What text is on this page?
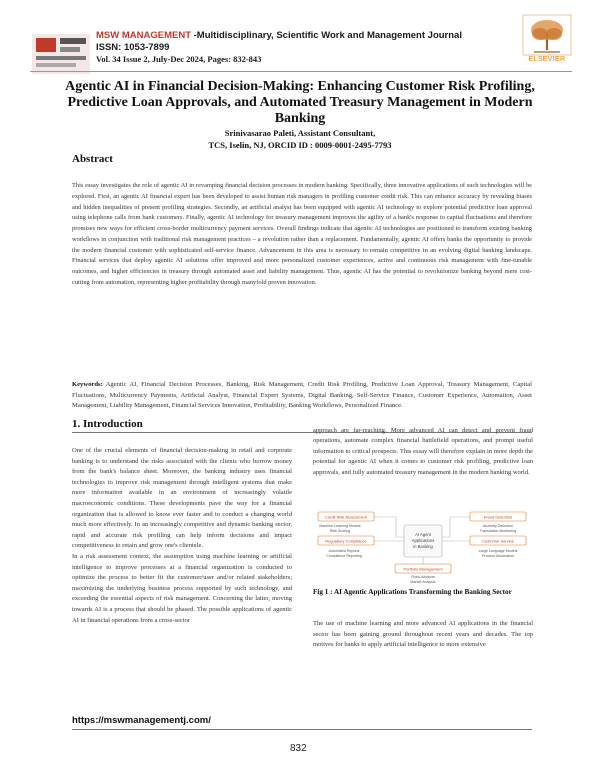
MSW MANAGEMENT -Multidisciplinary, Scientific Work and Management Journal
ISSN: 1053-7899
Vol. 34 Issue 2, July-Dec 2024, Pages: 832-843	ELSEVIER
Agentic AI in Financial Decision-Making: Enhancing Customer Risk Profiling, Predictive Loan Approvals, and Automated Treasury Management in Modern Banking
Srinivasarao Paleti, Assistant Consultant,
TCS, Iselin, NJ, ORCID ID : 0009-0001-2495-7793
Abstract
This essay investigates the role of agentic AI in revamping financial decision processes in modern banking. Specifically, three innovative applications of such technologies will be explored. First, an agentic AI financial expert has been developed to assist human risk managers in profiling customer credit risk. This can enhance accuracy by revealing biases and hidden inequalities of present profiling strategies. Secondly, an artificial analyst has been equipped with agentic AI technology to explore potential predictive loan approval using telephone calls from bank customers. Finally, agentic AI technology for treasury management improves the agility of a bank's response to capital fluctuations and therefore promises new ways for efficient cross-border multicurrency payment services. Overall findings indicate that agentic AI technologies are positioned to transform existing banking workflows in conjunction with traditional risk management practices – a revolution rather than a replacement. Fundamentally, agentic AI offers banks the opportunity to provide the modern financial customer with sophisticated self-service finance. Advancement in this area is necessary to remain competitive in an evolving digital banking landscape. Financial services that deploy agentic AI solutions offer improved and more personalized customer experiences, active and continuous risk management with fine-tunable outcomes, and higher efficiencies in treasury through automated asset and liability management. Thus, agentic AI has the potential to revolutionize banking beyond mere cost-cutting from automation, representing higher profitability through manyfold proven innovation.
Keywords: Agentic AI, Financial Decision Processes, Banking, Risk Management, Credit Risk Profiling, Predictive Loan Approval, Treasury Management, Capital Fluctuations, Multicurrency Payments, Artificial Analyst, Financial Expert Systems, Digital Banking, Self-Service Finance, Customer Experience, Automation, Asset Management, Liability Management, Financial Services Innovation, Profitability, Banking Workflows, Personalized Finance.
1. Introduction

One of the crucial elements of financial decision-making in retail and corporate banking is to understand the risks associated with the clients who borrow money from the bank's balance sheet. Moreover, the banking industry uses financial technologies to improve risk management through intelligent systems that make more information available in an environment of increasingly volatile macroeconomic conditions. These developments pave the way for a financial organization that is allowed to know ever faster and to conduct a changing world much more effectively. In an increasingly competitive and dynamic banking sector, rapid and accurate risk profiling can help inform decisions and impact competitiveness to retain and grow one's clientele.

In a risk assessment context, the assumption using machine learning or artificial intelligence to improve processes at a financial organization is conducted to optimize the process to better fit the customer/user and/or related stakeholders; maximizing the underlying business process supported by such technology, and exceeding the essential aspects of risk management. Concerning the latter, moving towards AI is a process that should be phased. The possible applications of agentic AI in financial operations from a cross-sector

approach are far-reaching. More advanced AI can detect and prevent fraud operations, automate complex financial battlefield operations, and prompt useful information to critical prospects. This essay will therefore explain in more depth the potential for agentic AI when it comes to customer risk profiling, predictive loan approvals, and fully automated treasury management in the modern banking world.
AI Agent
Applications
in Banking
Credit Risk Assessment
Machine Learning Models
Risk Scoring
Fraud Detection
Anomaly Detection
Transaction Monitoring
Regulatory Compliance
Automated Reports
Compliance Reporting
Customer Service
Large Language Models
Process Automation
Portfolio Management
Robo-Advisors
Market Analysis
Fig 1 : AI Agentic Applications Transforming the Banking Sector
The use of machine learning and more advanced AI applications in the financial sector has been gaining ground throughout recent years and decades. The top motives for banks to apply artificial intelligence to more extensive
https://mswmanagementj.com/
832
